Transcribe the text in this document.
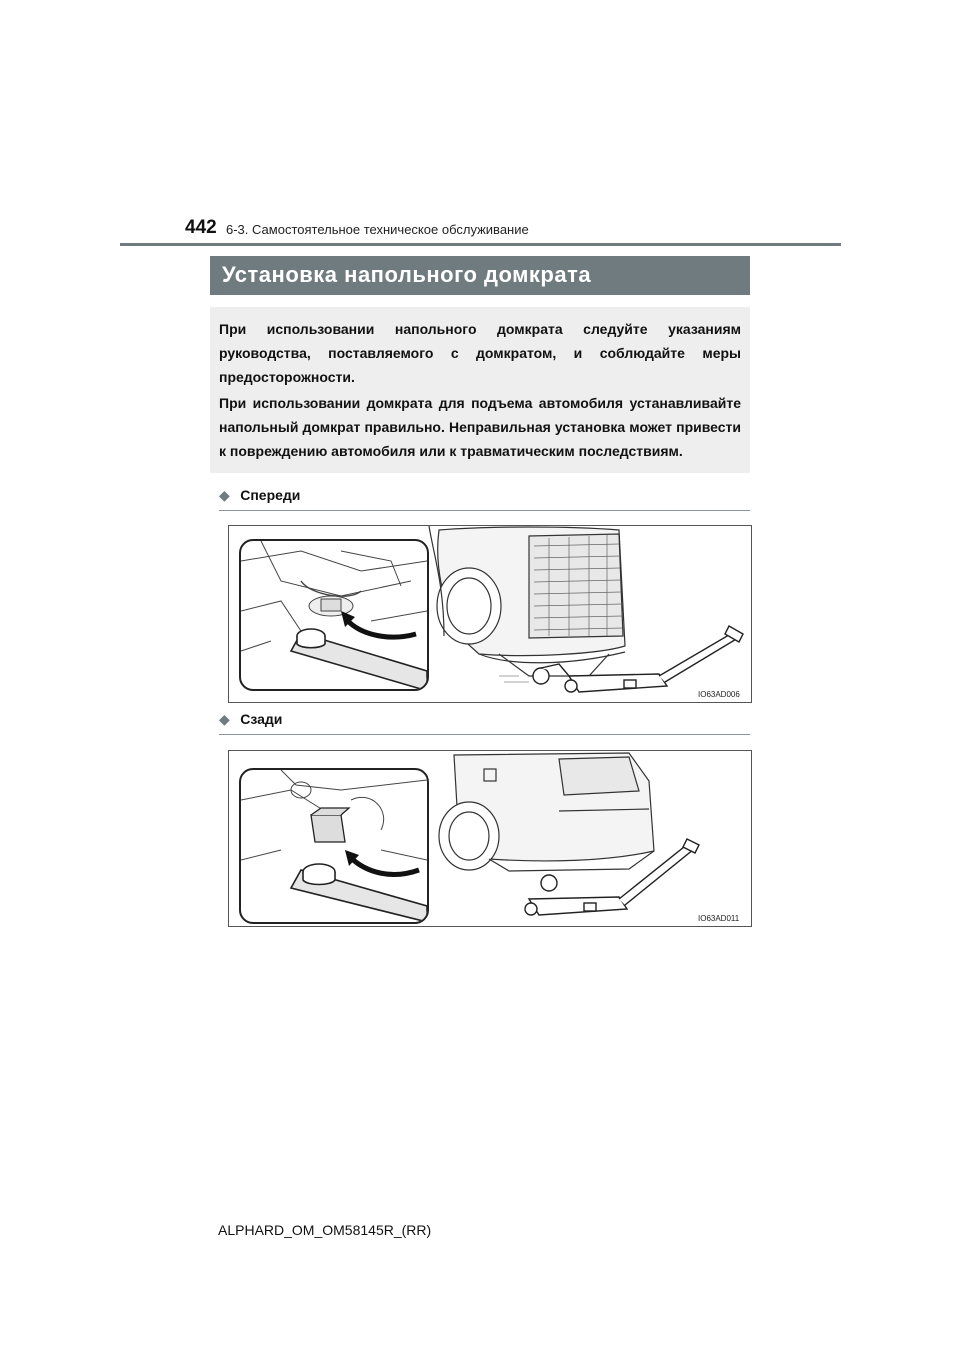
442 6-3. Самостоятельное техническое обслуживание
Установка напольного домкрата

При использовании напольного домкрата следуйте указаниям руководства, поставляемого с домкратом, и соблюдайте меры предосторожности.

При использовании домкрата для подъема автомобиля устанавливайте напольный домкрат правильно. Неправильная установка может привести к повреждению автомобиля или к травматическим последствиям.

◆ Спереди
IO63AD006
◆ Сзади
IO63AD011
ALPHARD_OM_OM58145R_(RR)
